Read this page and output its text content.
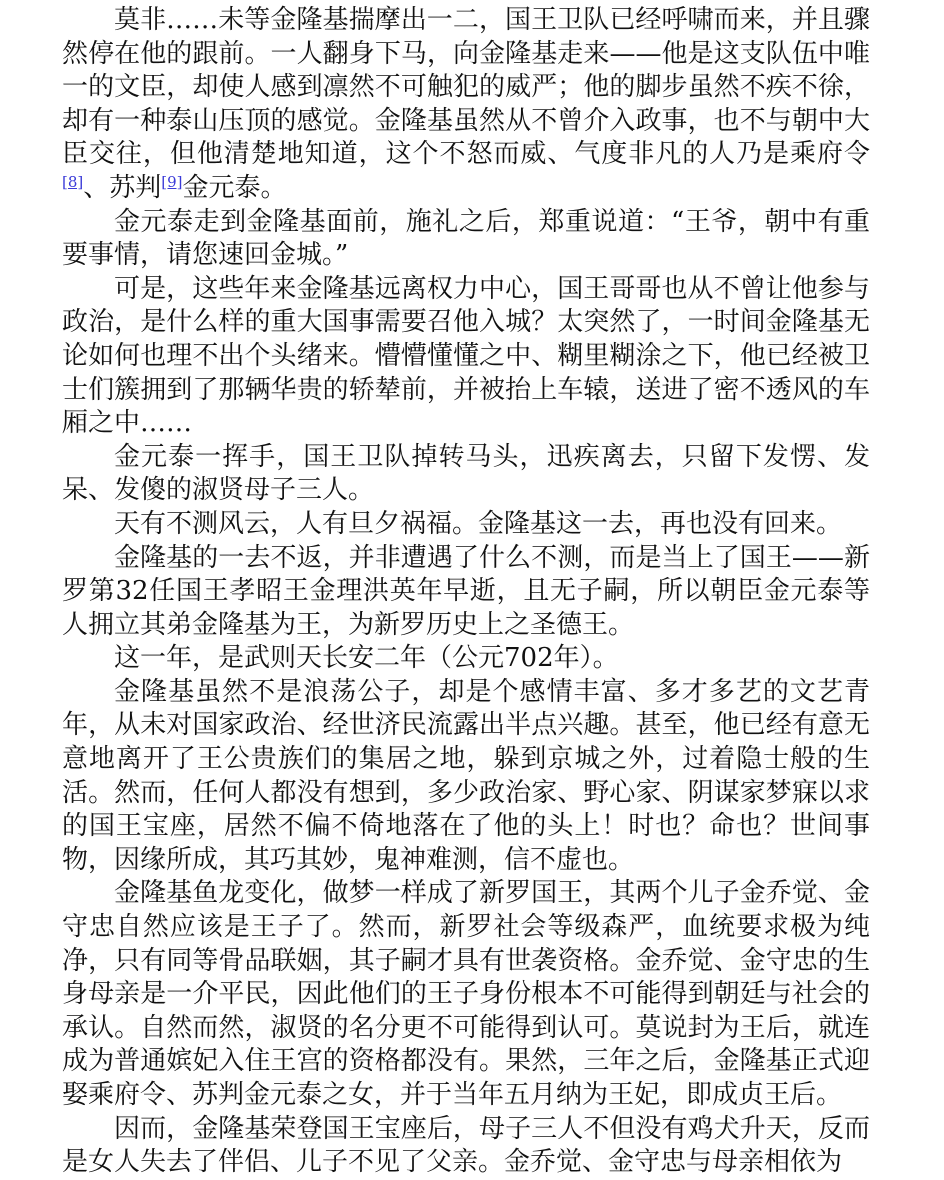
莫非……未等金隆基揣摩出一二，国王卫队已经呼啸而来，并且骤然停在他的跟前。一人翻身下马，向金隆基走来——他是这支队伍中唯一的文臣，却使人感到凛然不可触犯的威严；他的脚步虽然不疾不徐，却有一种泰山压顶的感觉。金隆基虽然从不曾介入政事，也不与朝中大臣交往，但他清楚地知道，这个不怒而威、气度非凡的人乃是乘府令[8]、苏判[9]金元泰。

金元泰走到金隆基面前，施礼之后，郑重说道：“王爷，朝中有重要事情，请您速回金城。”

可是，这些年来金隆基远离权力中心，国王哥哥也从不曾让他参与政治，是什么样的重大国事需要召他入城？太突然了，一时间金隆基无论如何也理不出个头绪来。懵懵懂懂之中、糊里糊涂之下，他已经被卫士们簇拥到了那辆华贵的轿辇前，并被抬上车辕，送进了密不透风的车厢之中……

金元泰一挥手，国王卫队掉转马头，迅疾离去，只留下发愣、发呆、发傻的淑贤母子三人。

天有不测风云，人有旦夕祸福。金隆基这一去，再也没有回来。

金隆基的一去不返，并非遭遇了什么不测，而是当上了国王——新罗第32任国王孝昭王金理洪英年早逝，且无子嗣，所以朝臣金元泰等人拥立其弟金隆基为王，为新罗历史上之圣德王。

这一年，是武则天长安二年（公元702年）。

金隆基虽然不是浪荡公子，却是个感情丰富、多才多艺的文艺青年，从未对国家政治、经世济民流露出半点兴趣。甚至，他已经有意无意地离开了王公贵族们的集居之地，躲到京城之外，过着隐士般的生活。然而，任何人都没有想到，多少政治家、野心家、阴谋家梦寐以求的国王宝座，居然不偏不倚地落在了他的头上！时也？命也？世间事物，因缘所成，其巧其妙，鬼神难测，信不虚也。

金隆基鱼龙变化，做梦一样成了新罗国王，其两个儿子金乔觉、金守忠自然应该是王子了。然而，新罗社会等级森严，血统要求极为纯净，只有同等骨品联姻，其子嗣才具有世袭资格。金乔觉、金守忠的生身母亲是一介平民，因此他们的王子身份根本不可能得到朝廷与社会的承认。自然而然，淑贤的名分更不可能得到认可。莫说封为王后，就连成为普通嫔妃入住王宫的资格都没有。果然，三年之后，金隆基正式迎娶乘府令、苏判金元泰之女，并于当年五月纳为王妃，即成贞王后。

因而，金隆基荣登国王宝座后，母子三人不但没有鸡犬升天，反而是女人失去了伴侣、儿子不见了父亲。金乔觉、金守忠与母亲相依为
